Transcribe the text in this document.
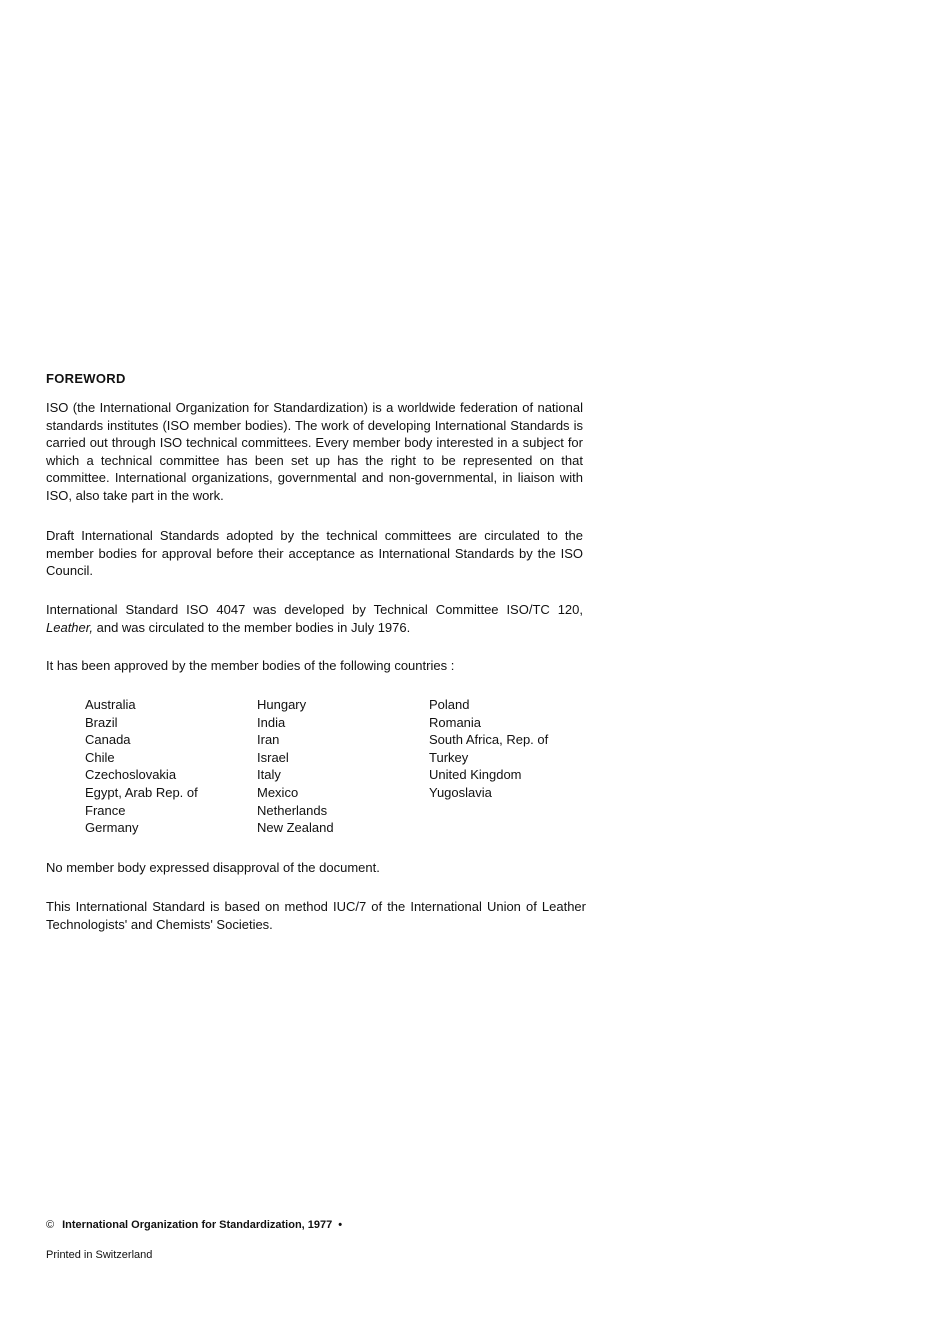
FOREWORD

ISO (the International Organization for Standardization) is a worldwide federation of national standards institutes (ISO member bodies). The work of developing International Standards is carried out through ISO technical committees. Every member body interested in a subject for which a technical committee has been set up has the right to be represented on that committee. International organizations, governmental and non-governmental, in liaison with ISO, also take part in the work.

Draft International Standards adopted by the technical committees are circulated to the member bodies for approval before their acceptance as International Standards by the ISO Council.

International Standard ISO 4047 was developed by Technical Committee ISO/TC 120, Leather, and was circulated to the member bodies in July 1976.

It has been approved by the member bodies of the following countries :

Australia
Brazil
Canada
Chile
Czechoslovakia
Egypt, Arab Rep. of
France
Germany
Hungary
India
Iran
Israel
Italy
Mexico
Netherlands
New Zealand
Poland
Romania
South Africa, Rep. of
Turkey
United Kingdom
Yugoslavia

No member body expressed disapproval of the document.

This International Standard is based on method IUC/7 of the International Union of Leather Technologists' and Chemists' Societies.

© International Organization for Standardization, 1977 •
Printed in Switzerland
